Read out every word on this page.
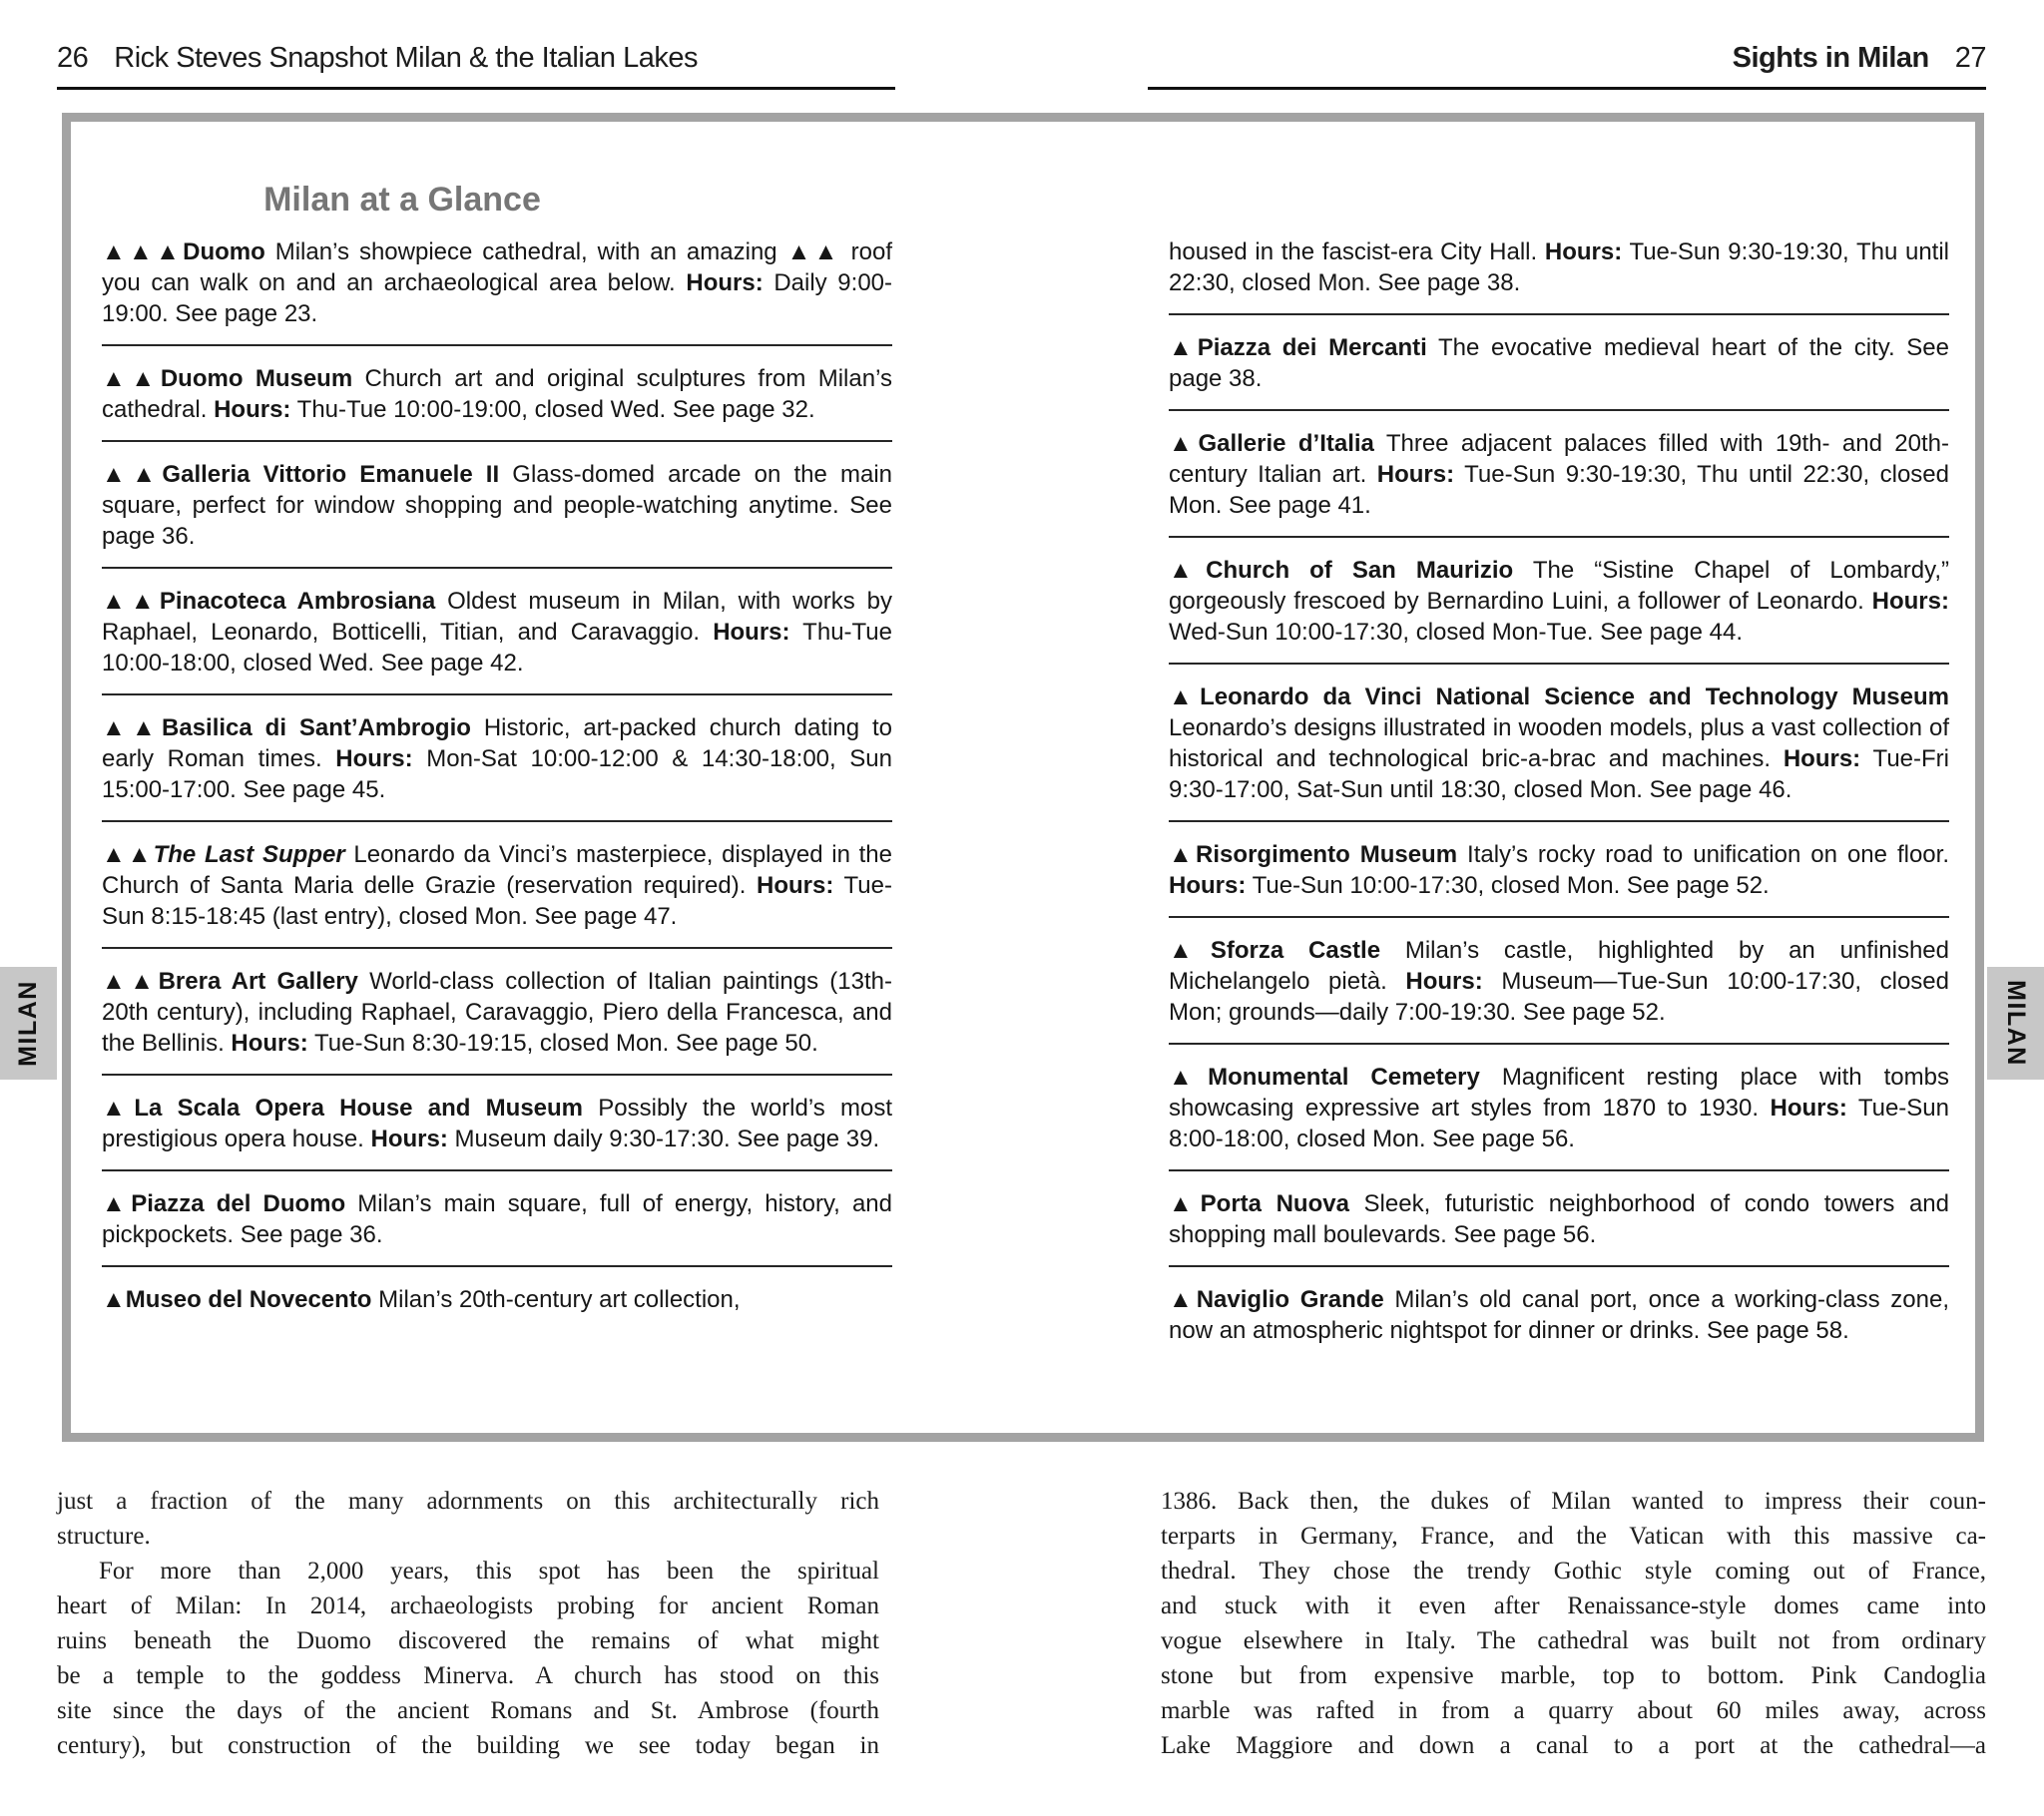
26 Rick Steves Snapshot Milan & the Italian Lakes	Sights in Milan 27
Milan at a Glance
▲▲▲Duomo Milan’s showpiece cathedral, with an amazing ▲▲ roof you can walk on and an archaeological area below. Hours: Daily 9:00-19:00. See page 23.
▲▲Duomo Museum Church art and original sculptures from Milan’s cathedral. Hours: Thu-Tue 10:00-19:00, closed Wed. See page 32.
▲▲Galleria Vittorio Emanuele II Glass-domed arcade on the main square, perfect for window shopping and people-watching anytime. See page 36.
▲▲Pinacoteca Ambrosiana Oldest museum in Milan, with works by Raphael, Leonardo, Botticelli, Titian, and Caravaggio. Hours: Thu-Tue 10:00-18:00, closed Wed. See page 42.
▲▲Basilica di Sant’Ambrogio Historic, art-packed church dating to early Roman times. Hours: Mon-Sat 10:00-12:00 & 14:30-18:00, Sun 15:00-17:00. See page 45.
▲▲The Last Supper Leonardo da Vinci’s masterpiece, displayed in the Church of Santa Maria delle Grazie (reservation required). Hours: Tue-Sun 8:15-18:45 (last entry), closed Mon. See page 47.
▲▲Brera Art Gallery World-class collection of Italian paintings (13th-20th century), including Raphael, Caravaggio, Piero della Francesca, and the Bellinis. Hours: Tue-Sun 8:30-19:15, closed Mon. See page 50.
▲La Scala Opera House and Museum Possibly the world’s most prestigious opera house. Hours: Museum daily 9:30-17:30. See page 39.
▲Piazza del Duomo Milan’s main square, full of energy, history, and pickpockets. See page 36.
▲Museo del Novecento Milan’s 20th-century art collection,
housed in the fascist-era City Hall. Hours: Tue-Sun 9:30-19:30, Thu until 22:30, closed Mon. See page 38.
▲Piazza dei Mercanti The evocative medieval heart of the city. See page 38.
▲Gallerie d’Italia Three adjacent palaces filled with 19th- and 20th-century Italian art. Hours: Tue-Sun 9:30-19:30, Thu until 22:30, closed Mon. See page 41.
▲Church of San Maurizio The “Sistine Chapel of Lombardy,” gorgeously frescoed by Bernardino Luini, a follower of Leonardo. Hours: Wed-Sun 10:00-17:30, closed Mon-Tue. See page 44.
▲Leonardo da Vinci National Science and Technology Museum Leonardo’s designs illustrated in wooden models, plus a vast collection of historical and technological bric-a-brac and machines. Hours: Tue-Fri 9:30-17:00, Sat-Sun until 18:30, closed Mon. See page 46.
▲Risorgimento Museum Italy’s rocky road to unification on one floor. Hours: Tue-Sun 10:00-17:30, closed Mon. See page 52.
▲Sforza Castle Milan’s castle, highlighted by an unfinished Michelangelo pietà. Hours: Museum—Tue-Sun 10:00-17:30, closed Mon; grounds—daily 7:00-19:30. See page 52.
▲Monumental Cemetery Magnificent resting place with tombs showcasing expressive art styles from 1870 to 1930. Hours: Tue-Sun 8:00-18:00, closed Mon. See page 56.
▲Porta Nuova Sleek, futuristic neighborhood of condo towers and shopping mall boulevards. See page 56.
▲Naviglio Grande Milan’s old canal port, once a working-class zone, now an atmospheric nightspot for dinner or drinks. See page 58.
MILAN	MILAN
just a fraction of the many adornments on this architecturally rich
structure.
For more than 2,000 years, this spot has been the spiritual
heart of Milan: In 2014, archaeologists probing for ancient Roman
ruins beneath the Duomo discovered the remains of what might
be a temple to the goddess Minerva. A church has stood on this
site since the days of the ancient Romans and St. Ambrose (fourth
century), but construction of the building we see today began in
1386. Back then, the dukes of Milan wanted to impress their coun-
terparts in Germany, France, and the Vatican with this massive ca-
thedral. They chose the trendy Gothic style coming out of France,
and stuck with it even after Renaissance-style domes came into
vogue elsewhere in Italy. The cathedral was built not from ordinary
stone but from expensive marble, top to bottom. Pink Candoglia
marble was rafted in from a quarry about 60 miles away, across
Lake Maggiore and down a canal to a port at the cathedral—a
